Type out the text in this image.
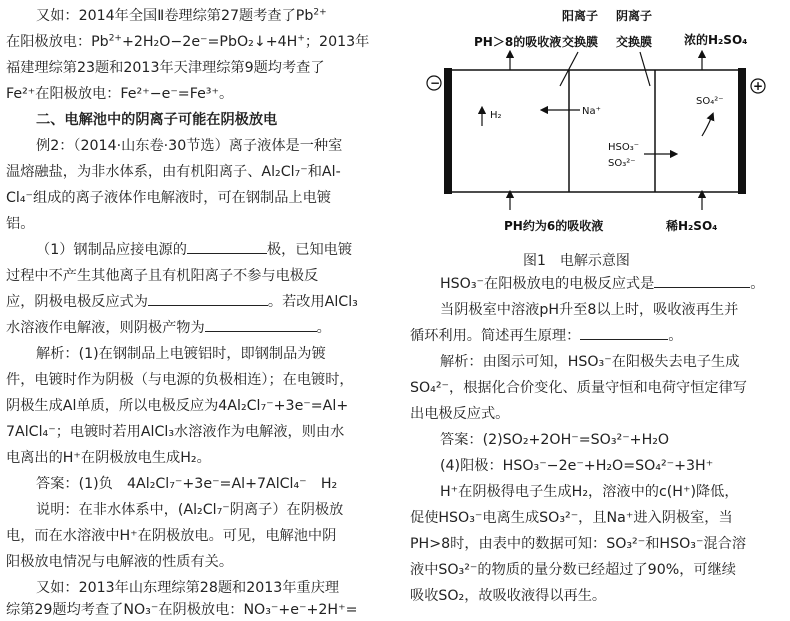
又如：2014年全国Ⅱ卷理综第27题考查了$Pb^{2+}$
在阳极放电：$Pb^{2+}+2H_2O-2e^-=PbO_2↓+4H^+$；2013年
福建理综第23题和2013年天津理综第9题均考查了
Fe²⁺在阳极放电：Fe²⁺−e⁻=Fe³⁺。
二、电解池中的阴离子可能在阴极放电
例2：（2014·山东卷·30节选）离子液体是一种室
温熔融盐，为非水体系，由有机阳离子、Al₂Cl₇⁻和Al-
Cl₄⁻组成的离子液体作电解液时，可在钢制品上电镀
铝。
（1）钢制品应接电源的	极，已知电镀
过程中不产生其他离子且有机阳离子不参与电极反
应，阴极电极反应式为	。若改用AlCl₃
水溶液作电解液，则阴极产物为	。
解析：(1)在钢制品上电镀铝时，即钢制品为镀
件，电镀时作为阴极（与电源的负极相连）；在电镀时，
阴极生成Al单质，所以电极反应为4Al₂Cl₇⁻+3e⁻=Al+
7AlCl₄⁻；电镀时若用AlCl₃水溶液作为电解液，则由水
电离出的H⁺在阴极放电生成H₂。
答案：(1)负　4Al₂Cl₇⁻+3e⁻=Al+7AlCl₄⁻　H₂
说明：在非水体系中，(Al₂Cl₇⁻阴离子）在阴极放
电，而在水溶液中H⁺在阴极放电。可见，电解池中阴
阳极放电情况与电解液的性质有关。
又如：2013年山东理综第28题和2013年重庆理
综第29题均考查了NO₃⁻在阴极放电：NO₃⁻+e⁻+2H⁺=
阳离子 阴离子
PH＞8的吸收液 交换膜 交换膜	浓的H₂SO₄
−	+
H₂	Na⁺
SO₄²⁻
HSO₃⁻
SO₃²⁻
PH约为6的吸收液	稀H₂SO₄
图1　电解示意图
HSO₃⁻在阳极放电的电极反应式是	。
当阴极室中溶液pH升至8以上时，吸收液再生并
循环利用。简述再生原理：	。
解析：由图示可知，HSO₃⁻在阳极失去电子生成
SO₄²⁻，根据化合价变化、质量守恒和电荷守恒定律写
出电极反应式。
答案：(2)SO₂+2OH⁻=SO₃²⁻+H₂O
(4)阳极：HSO₃⁻−2e⁻+H₂O=SO₄²⁻+3H⁺
H⁺在阴极得电子生成H₂，溶液中的c(H⁺)降低，
促使HSO₃⁻电离生成SO₃²⁻，且Na⁺进入阴极室，当
PH>8时，由表中的数据可知：SO₃²⁻和HSO₃⁻混合溶
液中SO₃²⁻的物质的量分数已经超过了90%，可继续
吸收SO₂，故吸收液得以再生。
